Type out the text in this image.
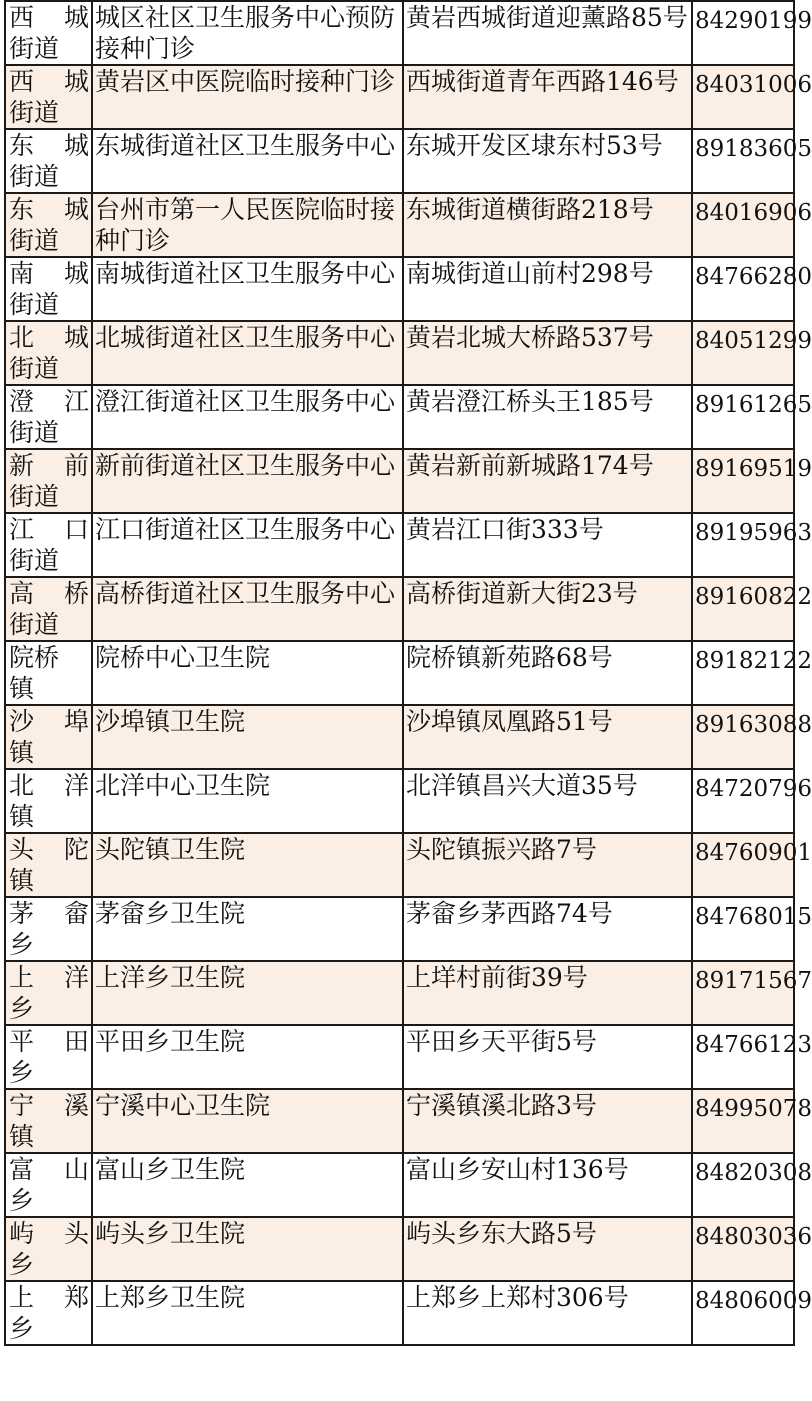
西 城
街道	城区社区卫生服务中心预防接种门诊	黄岩西城街道迎薰路85号	84290199

西 城
街道	黄岩区中医院临时接种门诊	西城街道青年西路146号	84031006

东 城
街道	东城街道社区卫生服务中心	东城开发区埭东村53号	89183605

东 城
街道	台州市第一人民医院临时接种门诊	东城街道横街路218号	84016906

南 城
街道	南城街道社区卫生服务中心	南城街道山前村298号	84766280

北 城
街道	北城街道社区卫生服务中心	黄岩北城大桥路537号	84051299

澄 江
街道	澄江街道社区卫生服务中心	黄岩澄江桥头王185号	89161265

新 前
街道	新前街道社区卫生服务中心	黄岩新前新城路174号	89169519

江 口
街道	江口街道社区卫生服务中心	黄岩江口街333号	89195963

高 桥
街道	高桥街道社区卫生服务中心	高桥街道新大街23号	89160822

院桥
镇	院桥中心卫生院	院桥镇新苑路68号	89182122

沙 埠
镇	沙埠镇卫生院	沙埠镇凤凰路51号	89163088

北 洋
镇	北洋中心卫生院	北洋镇昌兴大道35号	84720796

头 陀
镇	头陀镇卫生院	头陀镇振兴路7号	84760901

茅 畲
乡	茅畲乡卫生院	茅畲乡茅西路74号	84768015

上 洋
乡	上洋乡卫生院	上垟村前街39号	89171567

平 田
乡	平田乡卫生院	平田乡天平街5号	84766123

宁 溪
镇	宁溪中心卫生院	宁溪镇溪北路3号	84995078

富 山
乡	富山乡卫生院	富山乡安山村136号	84820308

屿 头
乡	屿头乡卫生院	屿头乡东大路5号	84803036

上 郑
乡	上郑乡卫生院	上郑乡上郑村306号	84806009
